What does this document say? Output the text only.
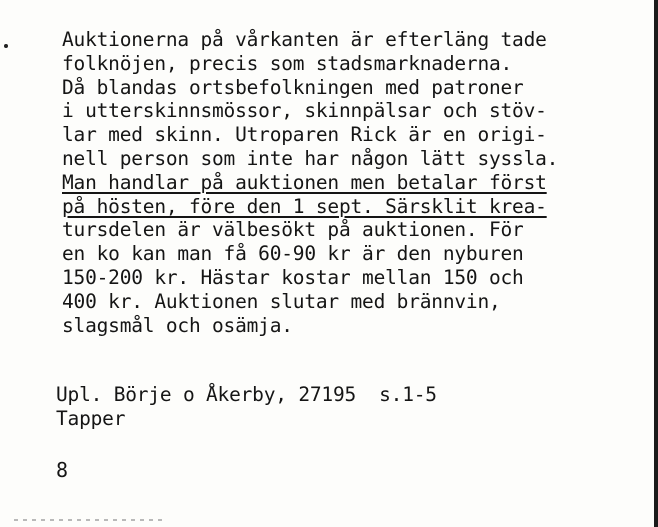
Auktionerna på vårkanten är efterläng tade
folknöjen, precis som stadsmarknaderna.
Då blandas ortsbefolkningen med patroner
i utterskinnsmössor, skinnpälsar och stöv-
lar med skinn. Utroparen Rick är en origi-
nell person som inte har någon lätt syssla.
Man handlar på auktionen men betalar först
på hösten, före den 1 sept. Särsklit krea-
tursdelen är välbesökt på auktionen. För
en ko kan man få 60-90 kr är den nyburen
150-200 kr. Hästar kostar mellan 150 och
400 kr. Auktionen slutar med brännvin,
slagsmål och osämja.
Upl. Börje o Åkerby, 27195  s.1-5
Tapper
8
